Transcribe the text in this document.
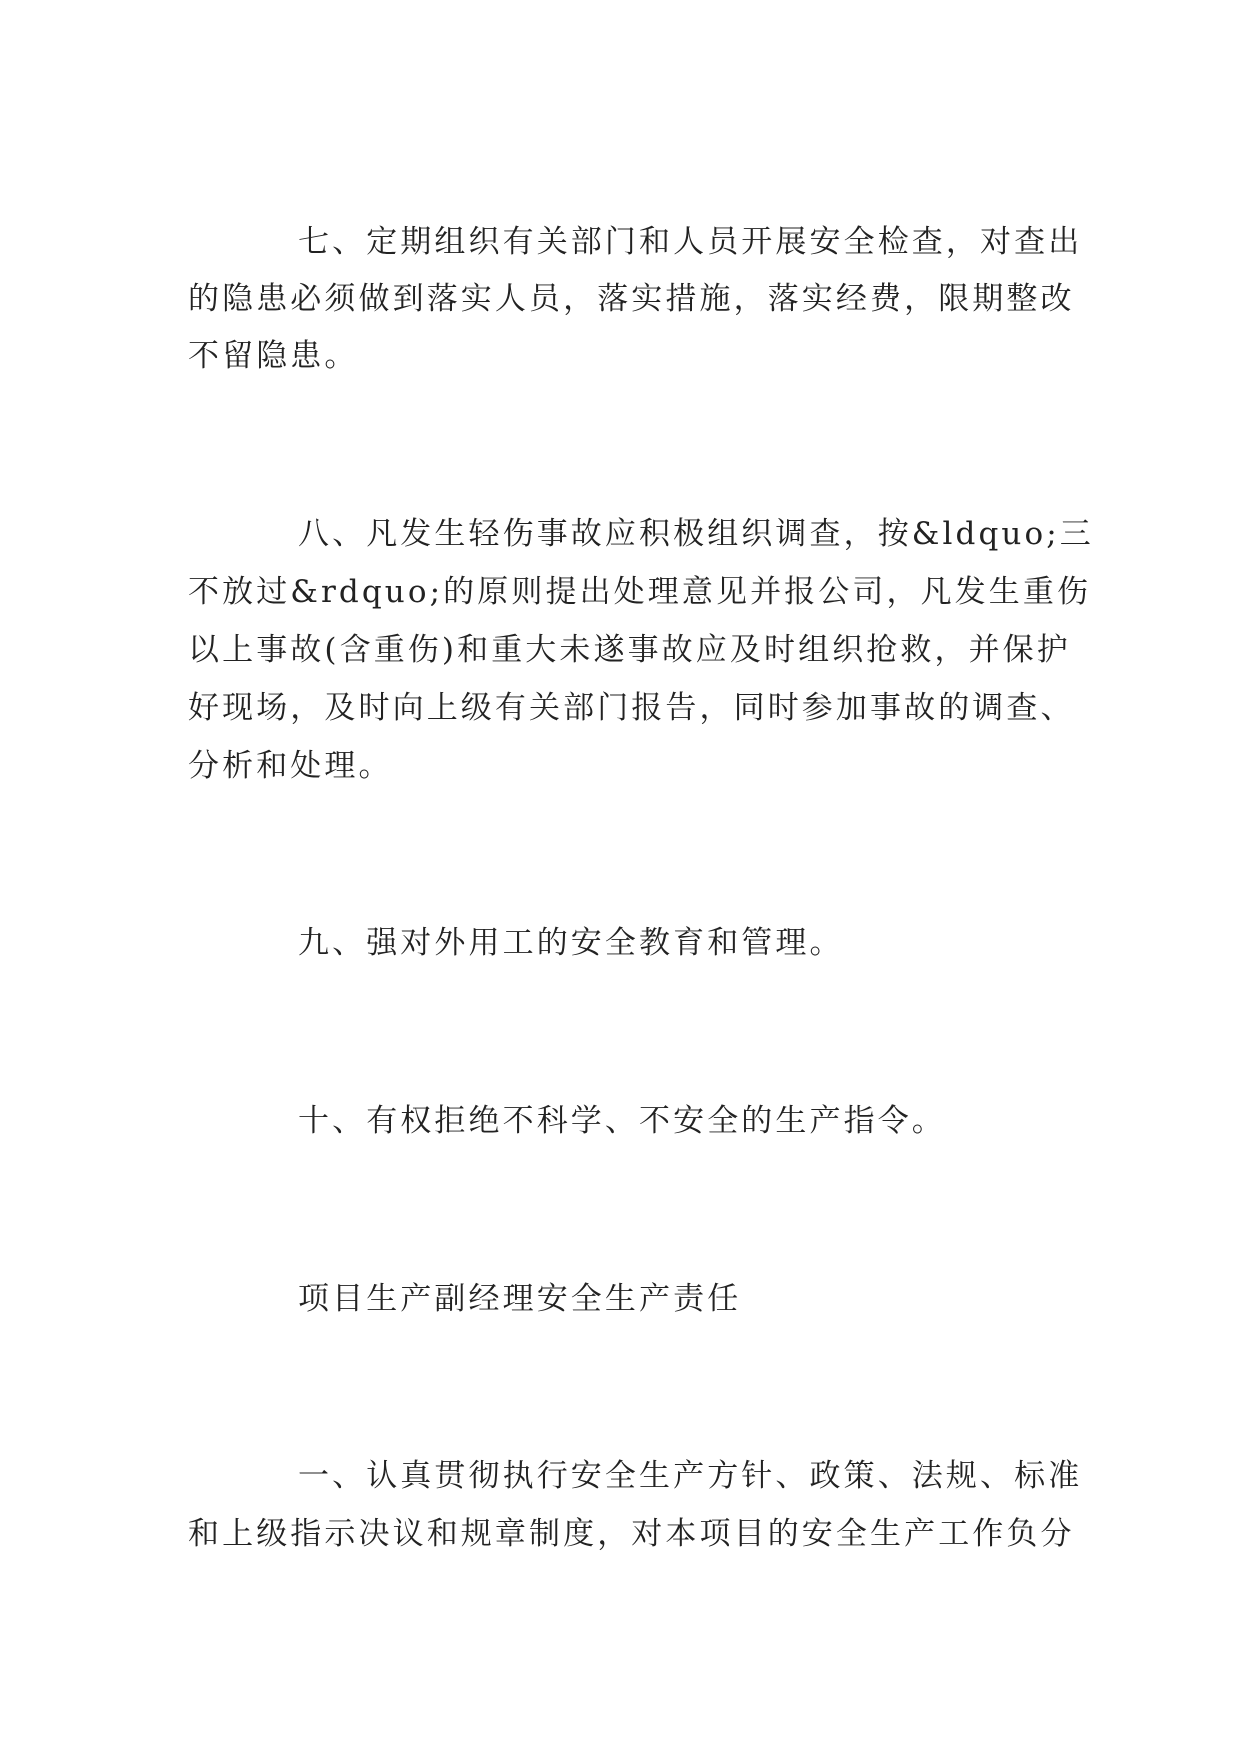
七、定期组织有关部门和人员开展安全检查，对查出
的隐患必须做到落实人员，落实措施，落实经费，限期整改
不留隐患。
八、凡发生轻伤事故应积极组织调查，按&ldquo;三
不放过&rdquo;的原则提出处理意见并报公司，凡发生重伤
以上事故(含重伤)和重大未遂事故应及时组织抢救，并保护
好现场，及时向上级有关部门报告，同时参加事故的调查、
分析和处理。
九、强对外用工的安全教育和管理。
十、有权拒绝不科学、不安全的生产指令。
项目生产副经理安全生产责任
一、认真贯彻执行安全生产方针、政策、法规、标准
和上级指示决议和规章制度，对本项目的安全生产工作负分
